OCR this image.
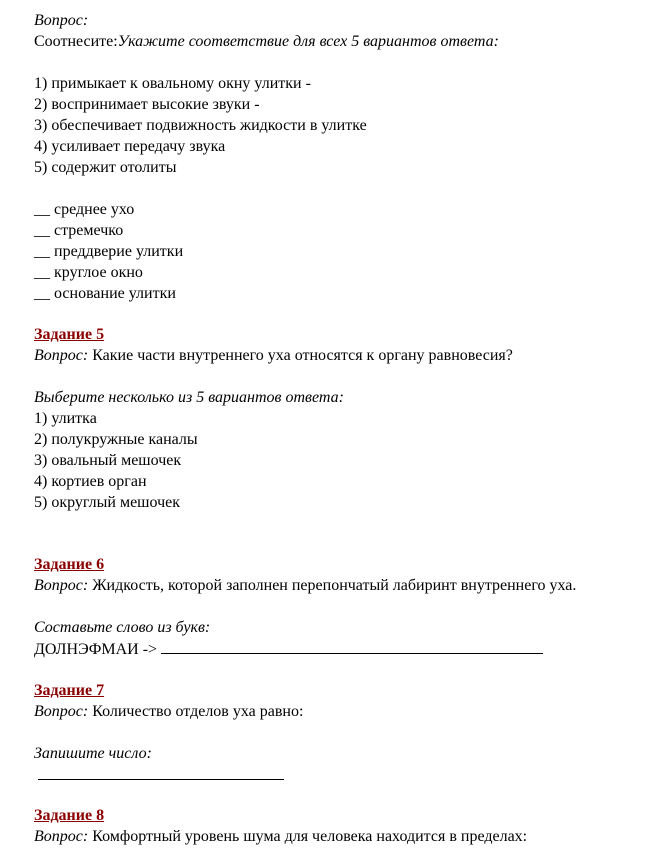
Вопрос:
Соотнесите:Укажите соответствие для всех 5 вариантов ответа:
1) примыкает к овальному окну улитки -
2) воспринимает высокие звуки -
3) обеспечивает подвижность жидкости в улитке
4) усиливает передачу звука
5) содержит отолиты
__ среднее ухо
__ стремечко
__ преддверие улитки
__ круглое окно
__ основание улитки
Задание 5
Вопрос: Какие части внутреннего уха относятся к органу равновесия?
Выберите несколько из 5 вариантов ответа:
1) улитка
2) полукружные каналы
3) овальный мешочек
4) кортиев орган
5) округлый мешочек
Задание 6
Вопрос: Жидкость, которой заполнен перепончатый лабиринт внутреннего уха.
Составьте слово из букв:
ДОЛНЭФМАИ ->
Задание 7
Вопрос: Количество отделов уха равно:
Запишите число:
Задание 8
Вопрос: Комфортный уровень шума для человека находится в пределах:
